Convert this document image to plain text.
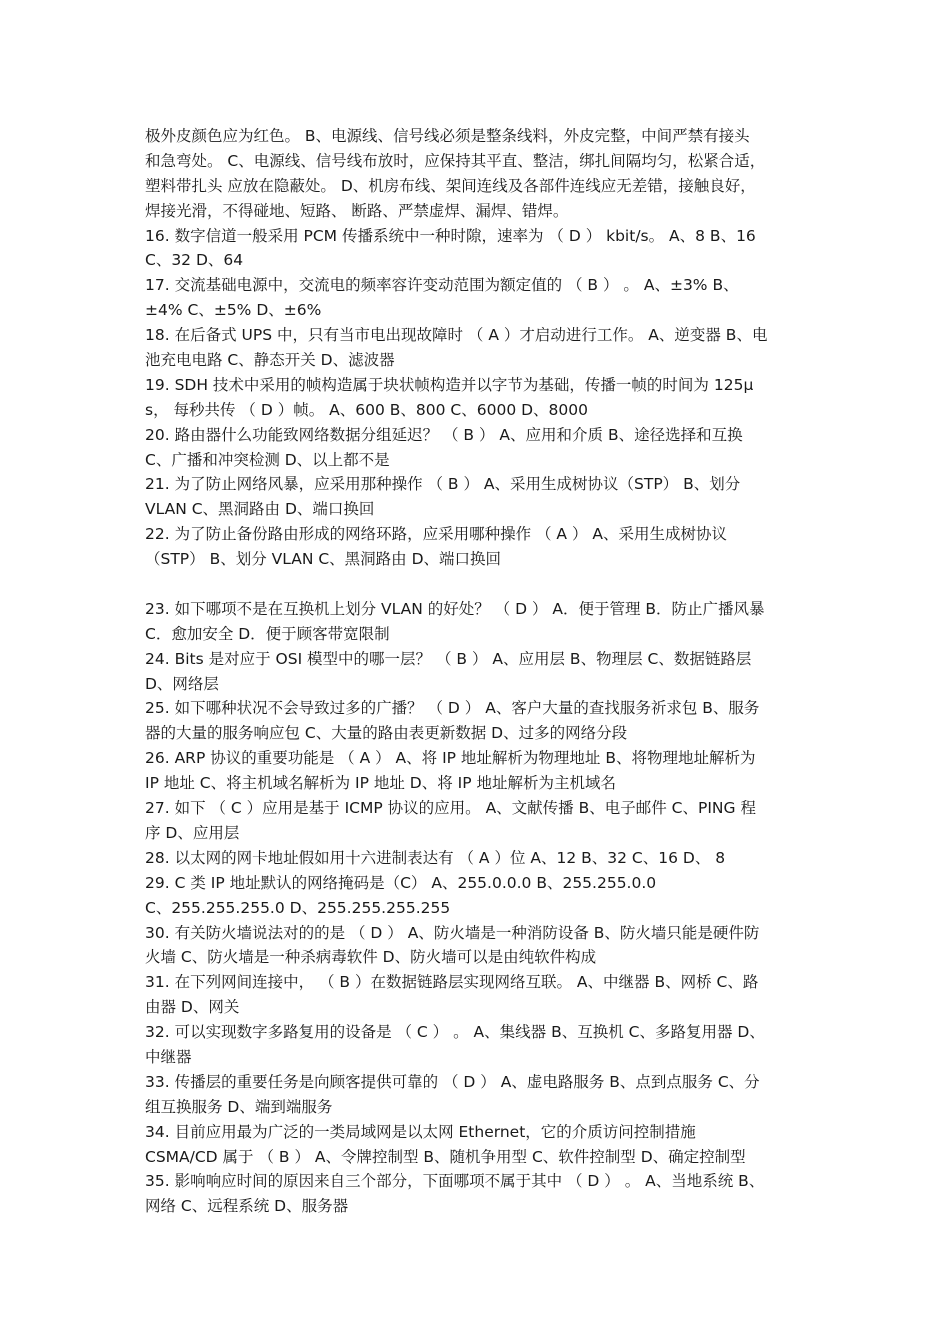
极外皮颜色应为红色。 B、电源线、信号线必须是整条线料，外皮完整，中间严禁有接头
和急弯处。 C、电源线、信号线布放时，应保持其平直、整洁，绑扎间隔均匀，松紧合适，
塑料带扎头 应放在隐蔽处。 D、机房布线、架间连线及各部件连线应无差错，接触良好，
焊接光滑，不得碰地、短路、 断路、严禁虚焊、漏焊、错焊。
16. 数字信道一般采用 PCM 传播系统中一种时隙，速率为 （ D ） kbit/s。 A、8 B、16
C、32 D、64
17. 交流基础电源中，交流电的频率容许变动范围为额定值的 （ B ） 。 A、±3% B、
±4% C、±5% D、±6%
18. 在后备式 UPS 中，只有当市电出现故障时 （ A ）才启动进行工作。 A、逆变器 B、电
池充电电路 C、静态开关 D、滤波器
19. SDH 技术中采用的帧构造属于块状帧构造并以字节为基础，传播一帧的时间为 125μ
s， 每秒共传 （ D ）帧。 A、600 B、800 C、6000 D、8000
20. 路由器什么功能致网络数据分组延迟？ （ B ） A、应用和介质 B、途径选择和互换
C、广播和冲突检测 D、以上都不是
21. 为了防止网络风暴，应采用那种操作 （ B ） A、采用生成树协议（STP） B、划分
VLAN C、黑洞路由 D、端口换回
22. 为了防止备份路由形成的网络环路，应采用哪种操作 （ A ） A、采用生成树协议
（STP） B、划分 VLAN C、黑洞路由 D、端口换回
23. 如下哪项不是在互换机上划分 VLAN 的好处？ （ D ） A．便于管理 B．防止广播风暴
C．愈加安全 D．便于顾客带宽限制
24. Bits 是对应于 OSI 模型中的哪一层？ （ B ） A、应用层 B、物理层 C、数据链路层
D、网络层
25. 如下哪种状况不会导致过多的广播？ （ D ） A、客户大量的查找服务祈求包 B、服务
器的大量的服务响应包 C、大量的路由表更新数据 D、过多的网络分段
26. ARP 协议的重要功能是 （ A ） A、将 IP 地址解析为物理地址 B、将物理地址解析为
IP 地址 C、将主机域名解析为 IP 地址 D、将 IP 地址解析为主机域名
27. 如下 （ C ）应用是基于 ICMP 协议的应用。 A、文献传播 B、电子邮件 C、PING 程
序 D、应用层
28. 以太网的网卡地址假如用十六进制表达有 （ A ）位 A、12 B、32 C、16 D、 8
29. C 类 IP 地址默认的网络掩码是（C） A、255.0.0.0 B、255.255.0.0
C、255.255.255.0 D、255.255.255.255
30. 有关防火墙说法对的的是 （ D ） A、防火墙是一种消防设备 B、防火墙只能是硬件防
火墙 C、防火墙是一种杀病毒软件 D、防火墙可以是由纯软件构成
31. 在下列网间连接中， （ B ）在数据链路层实现网络互联。 A、中继器 B、网桥 C、路
由器 D、网关
32. 可以实现数字多路复用的设备是 （ C ） 。 A、集线器 B、互换机 C、多路复用器 D、
中继器
33. 传播层的重要任务是向顾客提供可靠的 （ D ） A、虚电路服务 B、点到点服务 C、分
组互换服务 D、端到端服务
34. 目前应用最为广泛的一类局域网是以太网 Ethernet，它的介质访问控制措施
CSMA/CD 属于 （ B ） A、令牌控制型 B、随机争用型 C、软件控制型 D、确定控制型
35. 影响响应时间的原因来自三个部分，下面哪项不属于其中 （ D ） 。 A、当地系统 B、
网络 C、远程系统 D、服务器
